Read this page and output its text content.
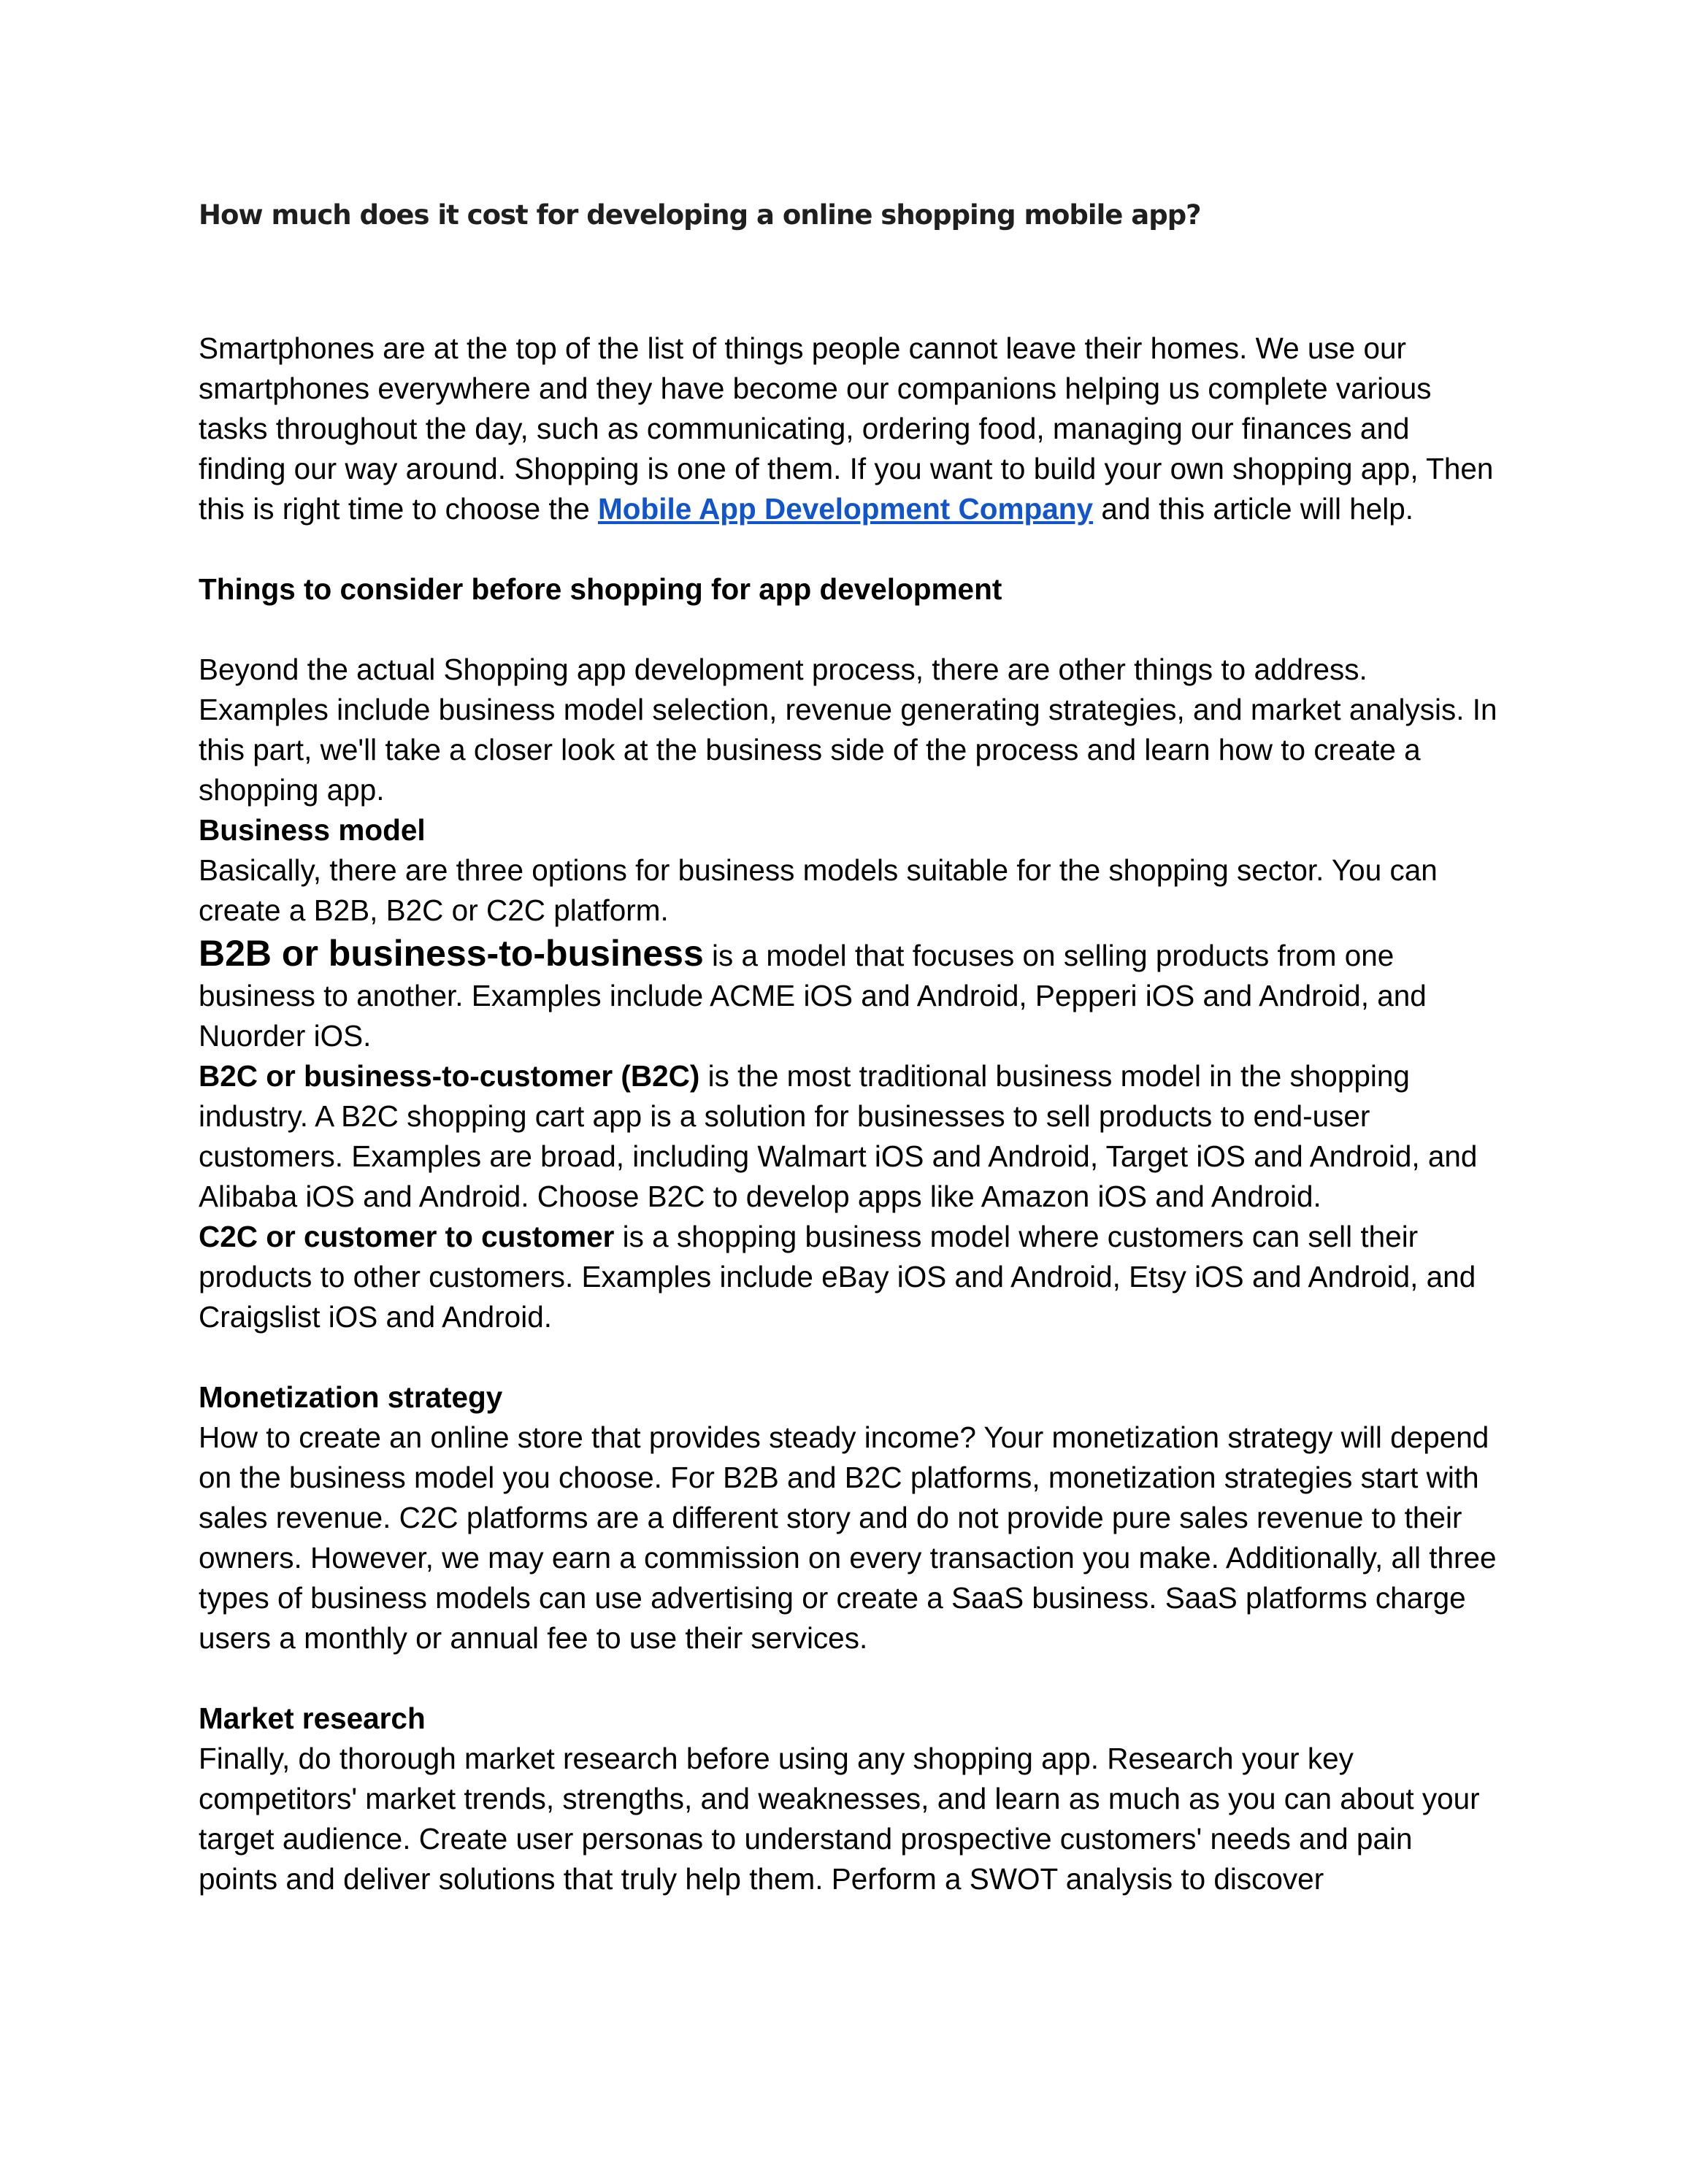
How much does it cost for developing a online shopping mobile app?

Smartphones are at the top of the list of things people cannot leave their homes. We use our smartphones everywhere and they have become our companions helping us complete various tasks throughout the day, such as communicating, ordering food, managing our finances and finding our way around. Shopping is one of them. If you want to build your own shopping app, Then this is right time to choose the Mobile App Development Company and this article will help.

Things to consider before shopping for app development

Beyond the actual Shopping app development process, there are other things to address. Examples include business model selection, revenue generating strategies, and market analysis. In this part, we'll take a closer look at the business side of the process and learn how to create a shopping app.

Business model

Basically, there are three options for business models suitable for the shopping sector. You can create a B2B, B2C or C2C platform.

B2B or business-to-business is a model that focuses on selling products from one business to another. Examples include ACME iOS and Android, Pepperi iOS and Android, and Nuorder iOS.

B2C or business-to-customer (B2C) is the most traditional business model in the shopping industry. A B2C shopping cart app is a solution for businesses to sell products to end-user customers. Examples are broad, including Walmart iOS and Android, Target iOS and Android, and Alibaba iOS and Android. Choose B2C to develop apps like Amazon iOS and Android.

C2C or customer to customer is a shopping business model where customers can sell their products to other customers. Examples include eBay iOS and Android, Etsy iOS and Android, and Craigslist iOS and Android.

Monetization strategy

How to create an online store that provides steady income? Your monetization strategy will depend on the business model you choose. For B2B and B2C platforms, monetization strategies start with sales revenue. C2C platforms are a different story and do not provide pure sales revenue to their owners. However, we may earn a commission on every transaction you make. Additionally, all three types of business models can use advertising or create a SaaS business. SaaS platforms charge users a monthly or annual fee to use their services.

Market research

Finally, do thorough market research before using any shopping app. Research your key competitors' market trends, strengths, and weaknesses, and learn as much as you can about your target audience. Create user personas to understand prospective customers' needs and pain points and deliver solutions that truly help them. Perform a SWOT analysis to discover
